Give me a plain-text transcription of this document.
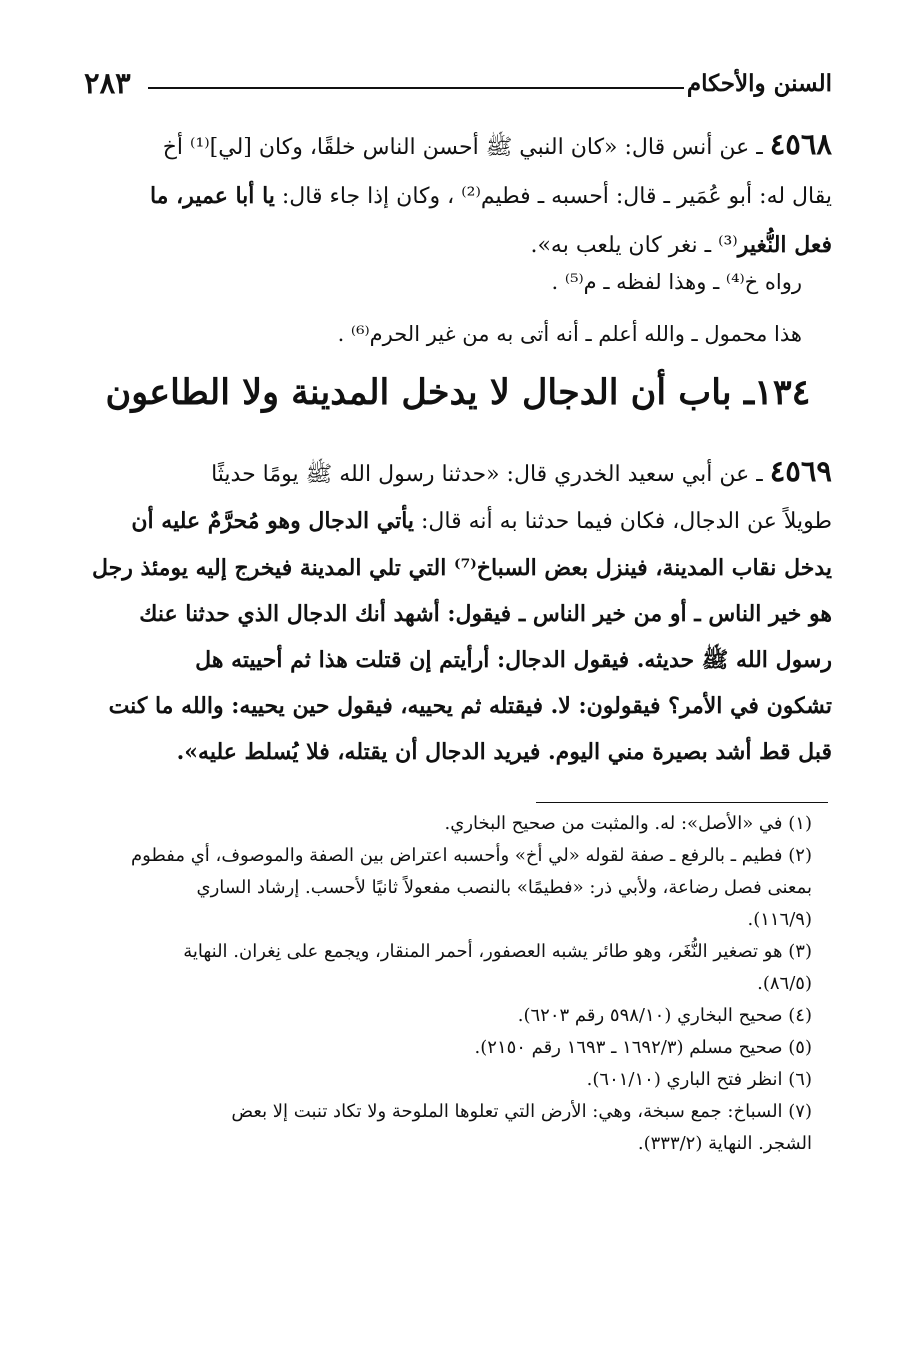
السنن والأحكام
٢٨٣
٤٥٦٨ ـ عن أنس قال: «كان النبي ﷺ أحسن الناس خلقًا، وكان [لي]⁽¹⁾ أخ
يقال له: أبو عُمَير ـ قال: أحسبه ـ فطيم⁽²⁾ ، وكان إذا جاء قال: يا أبا عمير، ما
فعل النُّغير⁽³⁾ ـ نغر كان يلعب به».
رواه خ⁽⁴⁾ ـ وهذا لفظه ـ م⁽⁵⁾ .
هذا محمول ـ والله أعلم ـ أنه أتى به من غير الحرم⁽⁶⁾ .
١٣٤ـ باب أن الدجال لا يدخل المدينة ولا الطاعون
٤٥٦٩ ـ عن أبي سعيد الخدري قال: «حدثنا رسول الله ﷺ يومًا حديثًا
طويلاً عن الدجال، فكان فيما حدثنا به أنه قال: يأتي الدجال وهو مُحرَّمٌ عليه أن
يدخل نقاب المدينة، فينزل بعض السباخ⁽⁷⁾ التي تلي المدينة فيخرج إليه يومئذ رجل
هو خير الناس ـ أو من خير الناس ـ فيقول: أشهد أنك الدجال الذي حدثنا عنك
رسول الله ﷺ حديثه. فيقول الدجال: أرأيتم إن قتلت هذا ثم أحييته هل
تشكون في الأمر؟ فيقولون: لا. فيقتله ثم يحييه، فيقول حين يحييه: والله ما كنت
قبل قط أشد بصيرة مني اليوم. فيريد الدجال أن يقتله، فلا يُسلط عليه».
(١) في «الأصل»: له. والمثبت من صحيح البخاري.
(٢) فطيم ـ بالرفع ـ صفة لقوله «لي أخ» وأحسبه اعتراض بين الصفة والموصوف، أي مفطوم
بمعنى فصل رضاعة، ولأبي ذر: «فطيمًا» بالنصب مفعولاً ثانيًا لأحسب. إرشاد الساري
(١١٦/٩).
(٣) هو تصغير النُّغَر، وهو طائر يشبه العصفور، أحمر المنقار، ويجمع على نِغران. النهاية
(٨٦/٥).
(٤) صحيح البخاري (٥٩٨/١٠ رقم ٦٢٠٣).
(٥) صحيح مسلم (١٦٩٢/٣ ـ ١٦٩٣ رقم ٢١٥٠).
(٦) انظر فتح الباري (٦٠١/١٠).
(٧) السباخ: جمع سبخة، وهي: الأرض التي تعلوها الملوحة ولا تكاد تنبت إلا بعض
الشجر. النهاية (٣٣٣/٢).
